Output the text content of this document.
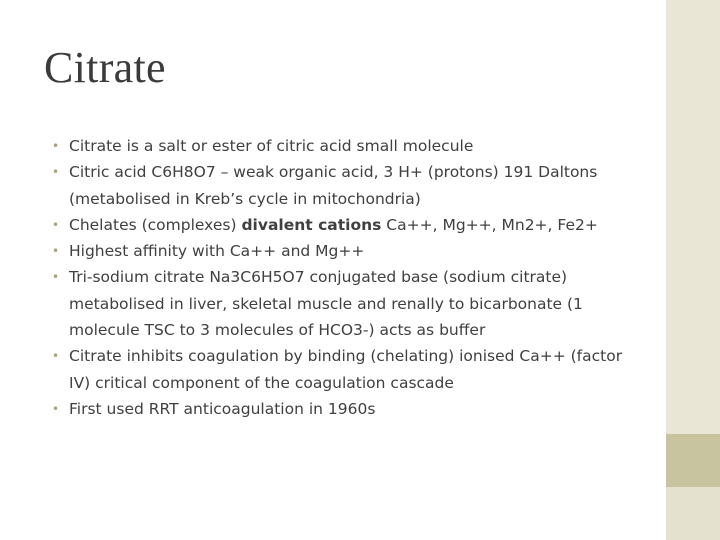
Citrate
• Citrate is a salt or ester of citric acid small molecule
• Citric acid C6H8O7 – weak organic acid, 3 H+ (protons) 191 Daltons (metabolised in Kreb’s cycle in mitochondria)
• Chelates (complexes) divalent cations Ca++, Mg++, Mn2+, Fe2+
• Highest affinity with Ca++ and Mg++
• Tri-sodium citrate Na3C6H5O7 conjugated base (sodium citrate) metabolised in liver, skeletal muscle and renally to bicarbonate (1 molecule TSC to 3 molecules of HCO3-) acts as buffer
• Citrate inhibits coagulation by binding (chelating) ionised Ca++ (factor IV) critical component of the coagulation cascade
• First used RRT anticoagulation in 1960s
